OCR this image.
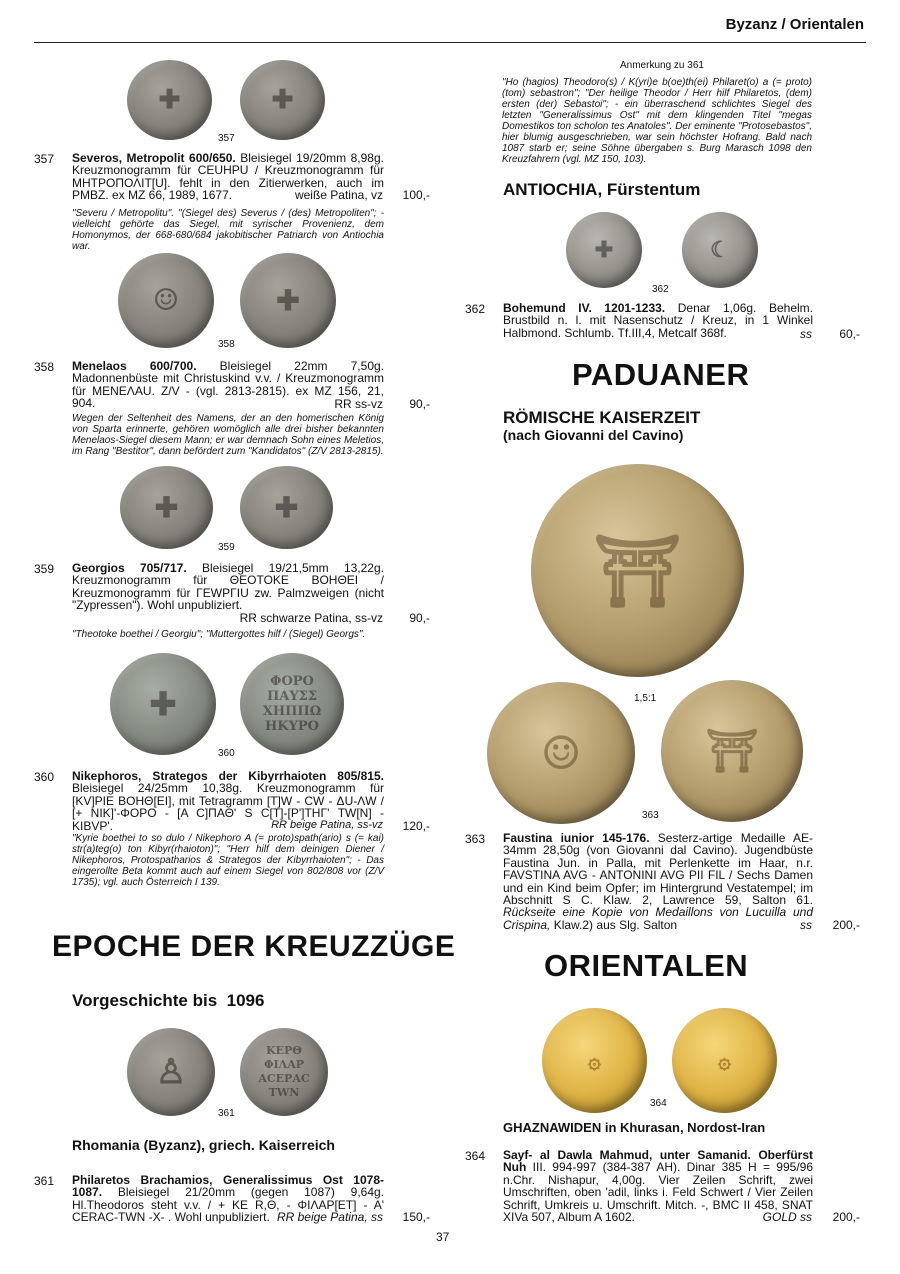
Byzanz / Orientalen
✚	✚
357
357 Severos, Metropolit 600/650. Bleisiegel 19/20mm 8,98g. Kreuzmonogramm für CEUHPU / Kreuzmonogramm für ΜΗΤΡΟΠΟΛΙΤ[U]. fehlt in den Zitierwerken, auch im PMBZ. ex MZ 66, 1989, 1677.	weiße Patina, vz	100,-
"Severu / Metropolitu". "(Siegel des) Severus / (des) Metropoliten"; - vielleicht gehörte das Siegel, mit syrischer Provenienz, dem Homonymos, der 668-680/684 jakobitischer Patriarch von Antiochia war.
☺	✚
358
358 Menelaos 600/700. Bleisiegel 22mm 7,50g. Madonnenbüste mit Christuskind v.v. / Kreuzmonogramm für ΜΕΝΕΛΑU. Z/V - (vgl. 2813-2815). ex MZ 156, 21, 904.	RR ss-vz	90,-
Wegen der Seltenheit des Namens, der an den homerischen König von Sparta erinnerte, gehören womöglich alle drei bisher bekannten Menelaos-Siegel diesem Mann; er war demnach Sohn eines Meletios, im Rang "Bestitor", dann befördert zum "Kandidatos" (Z/V 2813-2815).
✚	✚
359
359 Georgios 705/717. Bleisiegel 19/21,5mm 13,22g. Kreuzmonogramm für ΘΕΟΤΟΚΕ ΒΟΗΘΕΙ / Kreuzmonogramm für ΓΕWΡΓΙU zw. Palmzweigen (nicht "Zypressen"). Wohl unpubliziert.
RR schwarze Patina, ss-vz	90,-
"Theotoke boethei / Georgiu"; "Muttergottes hilf / (Siegel) Georgs".
✚
ΦΟΡΟ
ΠΑΥΣΣ
ΧΗΠΠΩ
ΗΚΥΡΟ
360
360 Nikephoros, Strategos der Kibyrrhaioten 805/815. Bleisiegel 24/25mm 10,38g. Kreuzmonogramm für [KV]PIE ΒΟΗΘ[ΕΙ], mit Tetragramm [T]W - CW - ΔU-ΛW / [+ NIK]'-ΦΟΡΟ - [Α C]ΠΑΘ' S C[T]-[P']ΤΗΓ' TW[N] - ΚΙΒVP'.	RR beige Patina, ss-vz	120,-
"Kyrie boethei to so dulo / Nikephoro A (= proto)spath(ario) s (= kai) str(a)teg(o) ton Kibyr(rhaioton)"; "Herr hilf dem deinigen Diener / Nikephoros, Protospatharios & Strategos der Kibyrrhaioten"; - Das eingerollte Beta kommt auch auf einem Siegel von 802/808 vor (Z/V 1735); vgl. auch Österreich I 139.
EPOCHE DER KREUZZÜGE
Vorgeschichte bis  1096
♙
ΚΕΡΘ
ΦΙΛΑΡ
ΑCΕΡΑC
ΤWΝ
361
Rhomania (Byzanz), griech. Kaiserreich
361 Philaretos Brachamios, Generalissimus Ost 1078-1087. Bleisiegel 21/20mm (gegen 1087) 9,64g. Hl.Theodoros steht v.v. / + KE R,Θ, - ΦΙΛΑΡ[ΕΤ] - Α' CERAC-TWN -X- . Wohl unpubliziert. RR beige Patina, ss	150,-
Anmerkung zu 361
"Ho (hagios) Theodoro(s) / K(yri)e b(oe)th(ei) Philaret(o) a (= proto) (tom) sebastron"; "Der heilige Theodor / Herr hilf Philaretos, (dem) ersten (der) Sebastoi"; - ein überraschend schlichtes Siegel des letzten "Generalissimus Ost" mit dem klingenden Titel "megas Domestikos ton scholon tes Anatoles". Der eminente "Protosebastos", hier blumig ausgeschrieben, war sein höchster Hofrang. Bald nach 1087 starb er; seine Söhne übergaben s. Burg Marasch 1098 den Kreuzfahrern (vgl. MZ 150, 103).
ANTIOCHIA, Fürstentum
✚	☾
362
362 Bohemund IV. 1201-1233. Denar 1,06g. Behelm. Brustbild n. l. mit Nasenschutz / Kreuz, in 1 Winkel Halbmond. Schlumb. Tf.III,4, Metcalf 368f.	ss	60,-
PADUANER
RÖMISCHE KAISERZEIT
(nach Giovanni del Cavino)
⛩
1,5:1
☺	⛩
363
363 Faustina iunior 145-176. Sesterz-artige Medaille AE-34mm 28,50g (von Giovanni dal Cavino). Jugendbüste Faustina Jun. in Palla, mit Perlenkette im Haar, n.r. FAVSTINA AVG - ANTONINI AVG PII FIL / Sechs Damen und ein Kind beim Opfer; im Hintergrund Vestatempel; im Abschnitt S C. Klaw. 2, Lawrence 59, Salton 61. Rückseite eine Kopie von Medaillons von Lucuilla und Crispina, Klaw.2) aus Slg. Salton	ss	200,-
ORIENTALEN
۞	۞
364
GHAZNAWIDEN in Khurasan, Nordost-Iran
364 Sayf- al Dawla Mahmud, unter Samanid. Oberfürst Nuh III. 994-997 (384-387 AH). Dinar 385 H = 995/96 n.Chr. Nishapur, 4,00g. Vier Zeilen Schrift, zwei Umschriften, oben 'adil, links i. Feld Schwert / Vier Zeilen Schrift, Umkreis u. Umschrift. Mitch. -, BMC II 458, SNAT XIVa 507, Album A 1602.	GOLD ss	200,-
37
